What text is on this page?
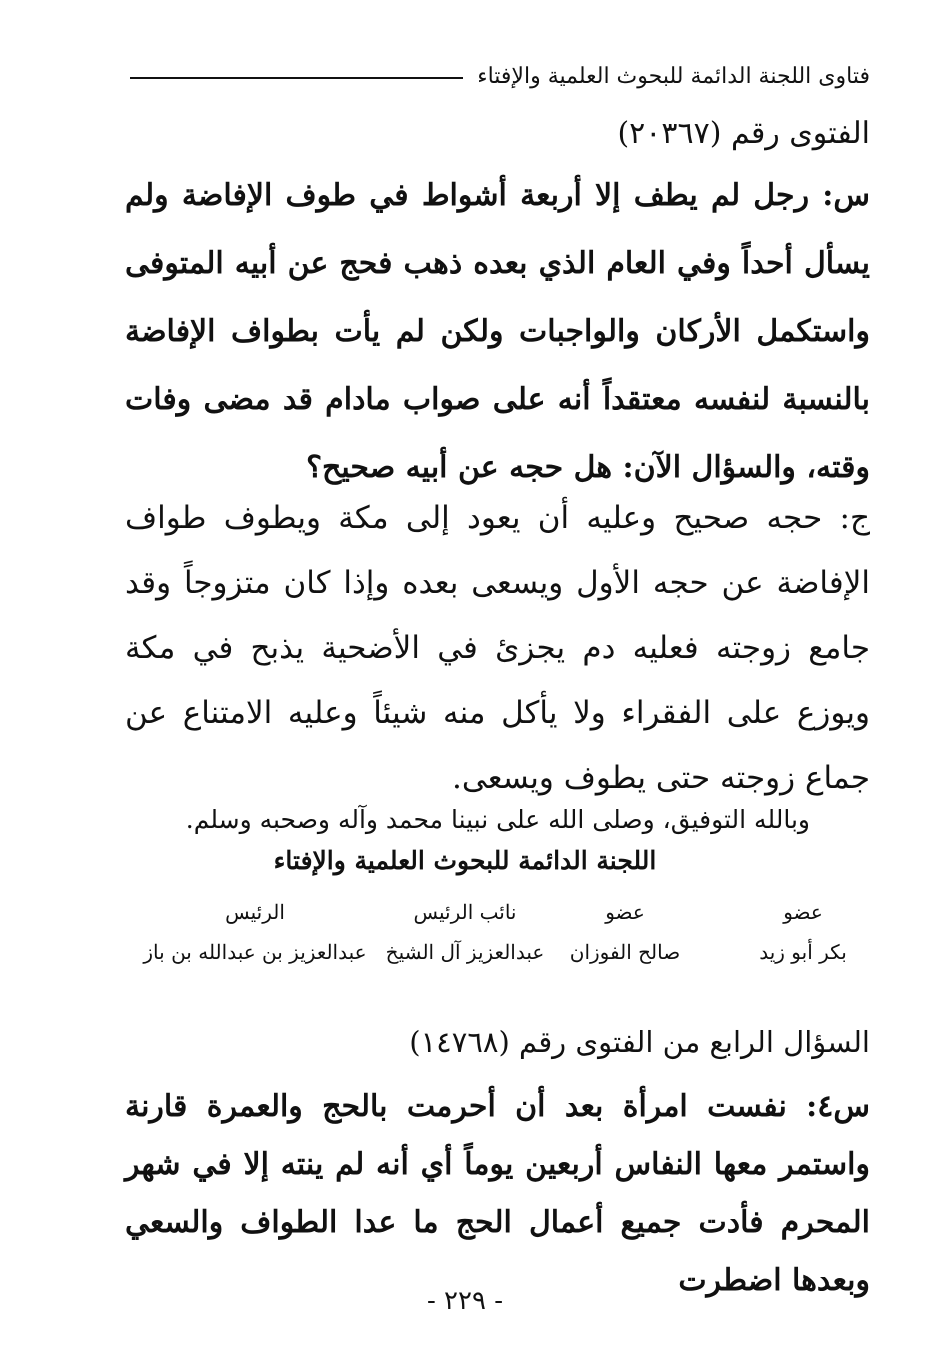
فتاوى اللجنة الدائمة للبحوث العلمية والإفتاء
الفتوى رقم (٢٠٣٦٧)

س: رجل لم يطف إلا أربعة أشواط في طوف الإفاضة ولم يسأل أحداً وفي العام الذي بعده ذهب فحج عن أبيه المتوفى واستكمل الأركان والواجبات ولكن لم يأت بطواف الإفاضة بالنسبة لنفسه معتقداً أنه على صواب مادام قد مضى وفات وقته، والسؤال الآن: هل حجه عن أبيه صحيح؟

ج: حجه صحيح وعليه أن يعود إلى مكة ويطوف طواف الإفاضة عن حجه الأول ويسعى بعده وإذا كان متزوجاً وقد جامع زوجته فعليه دم يجزئ في الأضحية يذبح في مكة ويوزع على الفقراء ولا يأكل منه شيئاً وعليه الامتناع عن جماع زوجته حتى يطوف ويسعى.

وبالله التوفيق، وصلى الله على نبينا محمد وآله وصحبه وسلم.
اللجنة الدائمة للبحوث العلمية والإفتاء
عضو
بكر أبو زيد
عضو
صالح الفوزان
نائب الرئيس
عبدالعزيز آل الشيخ
الرئيس
عبدالعزيز بن عبدالله بن باز
السؤال الرابع من الفتوى رقم (١٤٧٦٨)

س٤: نفست امرأة بعد أن أحرمت بالحج والعمرة قارنة واستمر معها النفاس أربعين يوماً أي أنه لم ينته إلا في شهر المحرم فأدت جميع أعمال الحج ما عدا الطواف والسعي وبعدها اضطرت

- ٢٢٩ -
